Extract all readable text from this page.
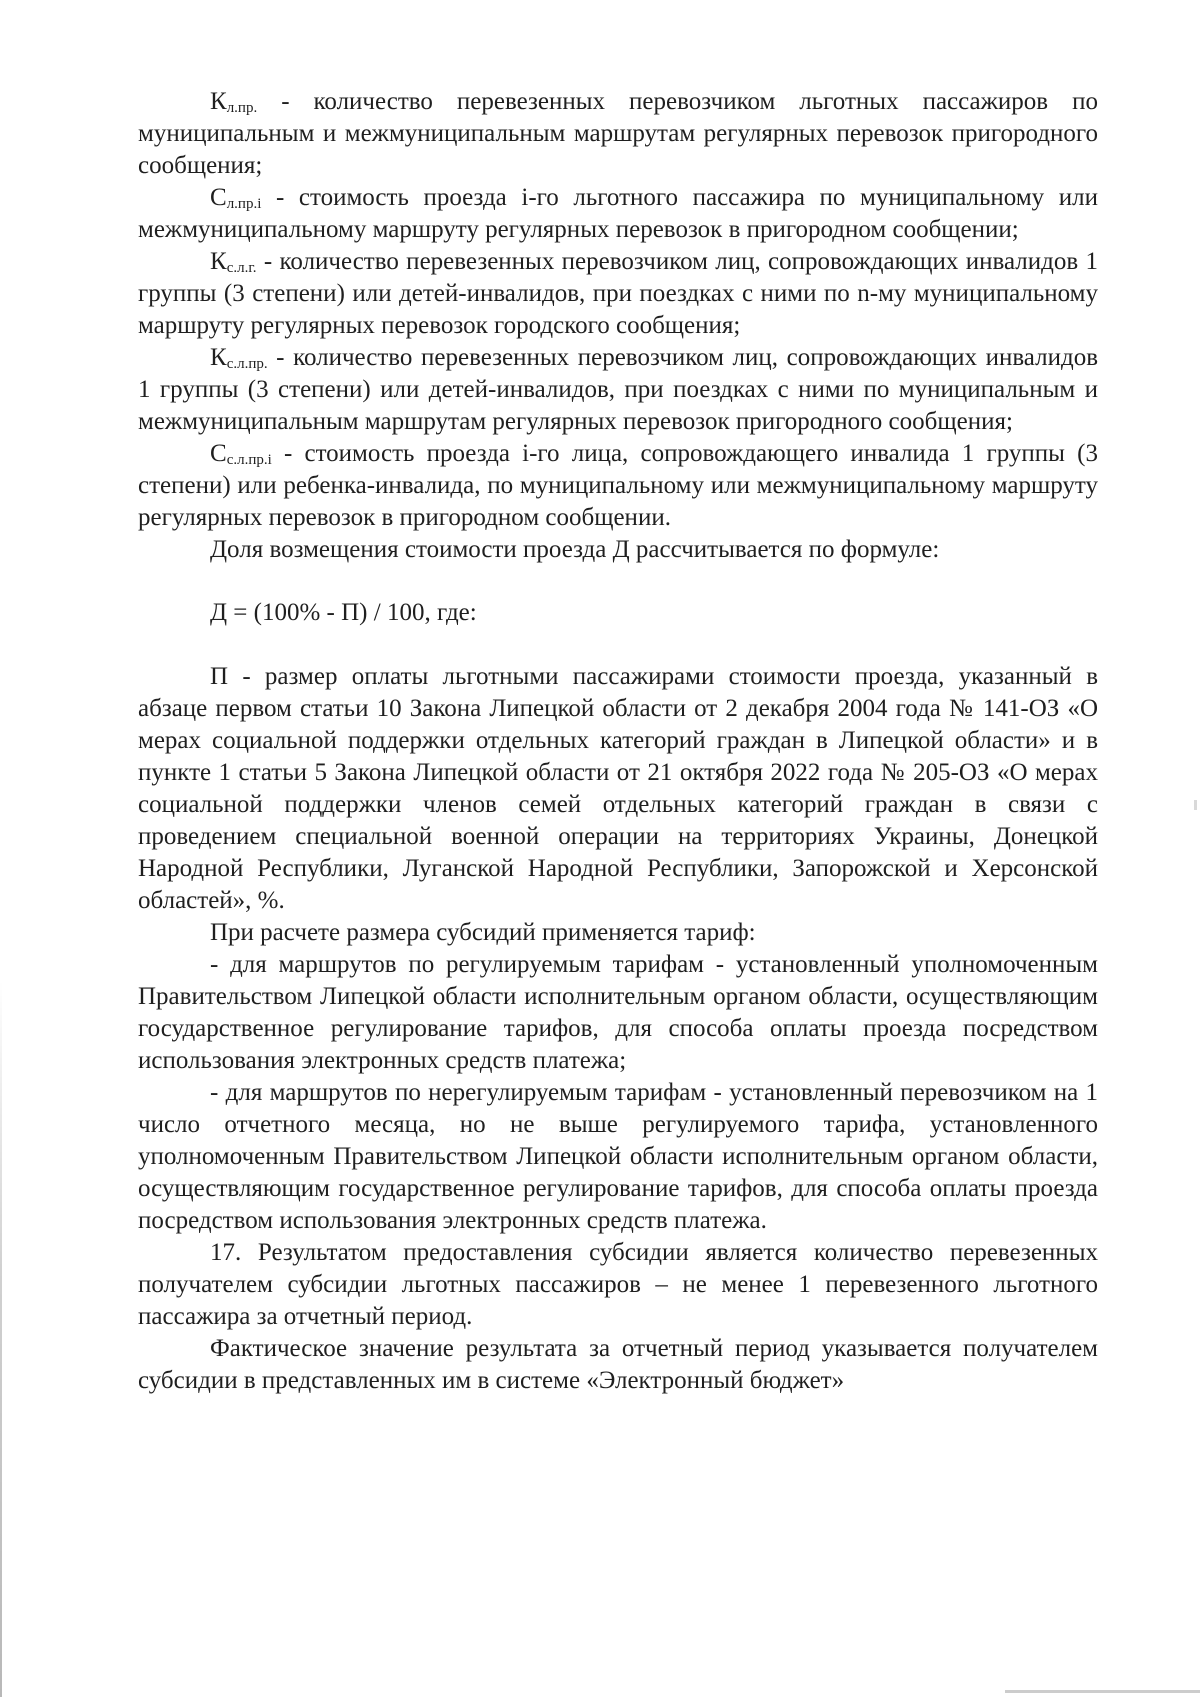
$К_{л.пр.}$ - количество перевезенных перевозчиком льготных пассажиров по муниципальным и межмуниципальным маршрутам регулярных перевозок пригородного сообщения;

$С_{л.пр.i}$ - стоимость проезда i-го льготного пассажира по муниципальному или межмуниципальному маршруту регулярных перевозок в пригородном сообщении;

$К_{с.л.г.}$ - количество перевезенных перевозчиком лиц, сопровождающих инвалидов 1 группы (3 степени) или детей-инвалидов, при поездках с ними по n-му муниципальному маршруту регулярных перевозок городского сообщения;

$К_{с.л.пр.}$ - количество перевезенных перевозчиком лиц, сопровождающих инвалидов 1 группы (3 степени) или детей-инвалидов, при поездках с ними по муниципальным и межмуниципальным маршрутам регулярных перевозок пригородного сообщения;

$С_{с.л.пр.i}$ - стоимость проезда i-го лица, сопровождающего инвалида 1 группы (3 степени) или ребенка-инвалида, по муниципальному или межмуниципальному маршруту регулярных перевозок в пригородном сообщении.

Доля возмещения стоимости проезда Д рассчитывается по формуле:

Д = (100% - П) / 100, где:

П - размер оплаты льготными пассажирами стоимости проезда, указанный в абзаце первом статьи 10 Закона Липецкой области от 2 декабря 2004 года № 141-ОЗ «О мерах социальной поддержки отдельных категорий граждан в Липецкой области» и в пункте 1 статьи 5 Закона Липецкой области от 21 октября 2022 года № 205-ОЗ «О мерах социальной поддержки членов семей отдельных категорий граждан в связи с проведением специальной военной операции на территориях Украины, Донецкой Народной Республики, Луганской Народной Республики, Запорожской и Херсонской областей», %.

При расчете размера субсидий применяется тариф:

- для маршрутов по регулируемым тарифам - установленный уполномоченным Правительством Липецкой области исполнительным органом области, осуществляющим государственное регулирование тарифов, для способа оплаты проезда посредством использования электронных средств платежа;

- для маршрутов по нерегулируемым тарифам - установленный перевозчиком на 1 число отчетного месяца, но не выше регулируемого тарифа, установленного уполномоченным Правительством Липецкой области исполнительным органом области, осуществляющим государственное регулирование тарифов, для способа оплаты проезда посредством использования электронных средств платежа.

17. Результатом предоставления субсидии является количество перевезенных получателем субсидии льготных пассажиров – не менее 1 перевезенного льготного пассажира за отчетный период.

Фактическое значение результата за отчетный период указывается получателем субсидии в представленных им в системе «Электронный бюджет»
